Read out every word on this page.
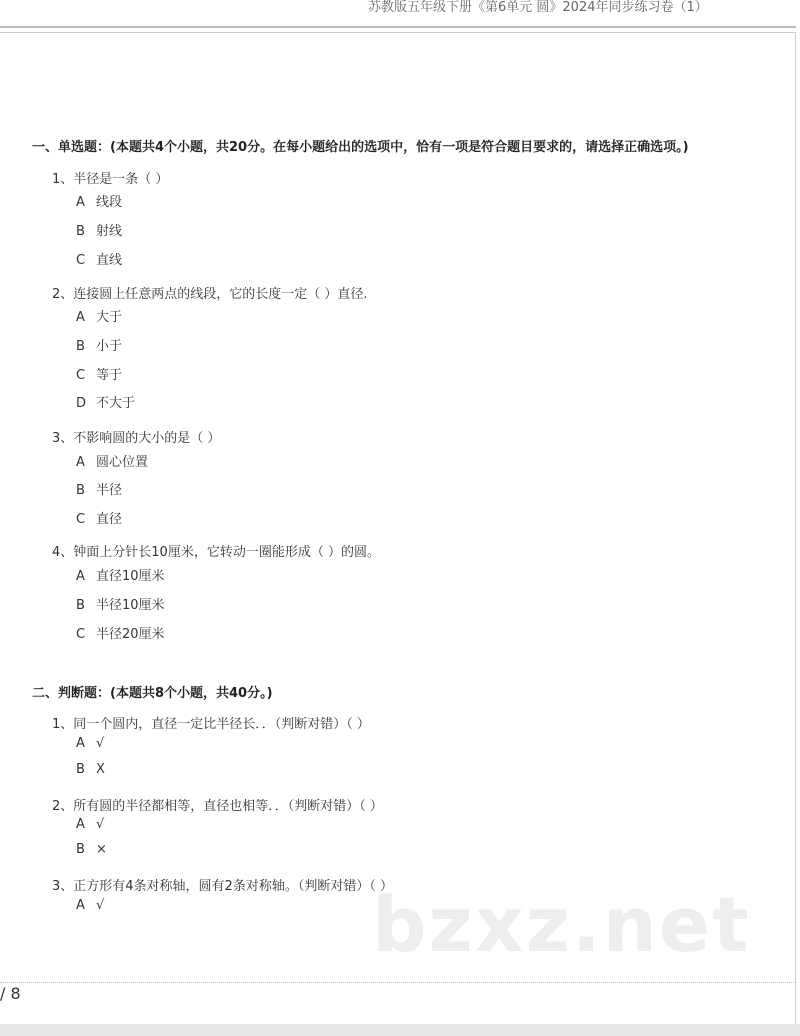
苏教版五年级下册《第6单元 圆》2024年同步练习卷（1）
bzxz.net
一、单选题：(本题共4个小题，共20分。在每小题给出的选项中，恰有一项是符合题目要求的，请选择正确选项。)
1、半径是一条（ ）
A 线段
B 射线
C 直线
2、连接圆上任意两点的线段，它的长度一定（ ）直径.
A 大于
B 小于
C 等于
D 不大于
3、不影响圆的大小的是（ ）
A 圆心位置
B 半径
C 直径
4、钟面上分针长10厘米，它转动一圈能形成（ ）的圆。
A 直径10厘米
B 半径10厘米
C 半径20厘米
二、判断题：(本题共8个小题，共40分。)
1、同一个圆内，直径一定比半径长．．（判断对错）（ ）
A √
B X
2、所有圆的半径都相等，直径也相等．．（判断对错）（ ）
A √
B ×
3、正方形有4条对称轴，圆有2条对称轴。（判断对错）（ ）
A √
/ 8
